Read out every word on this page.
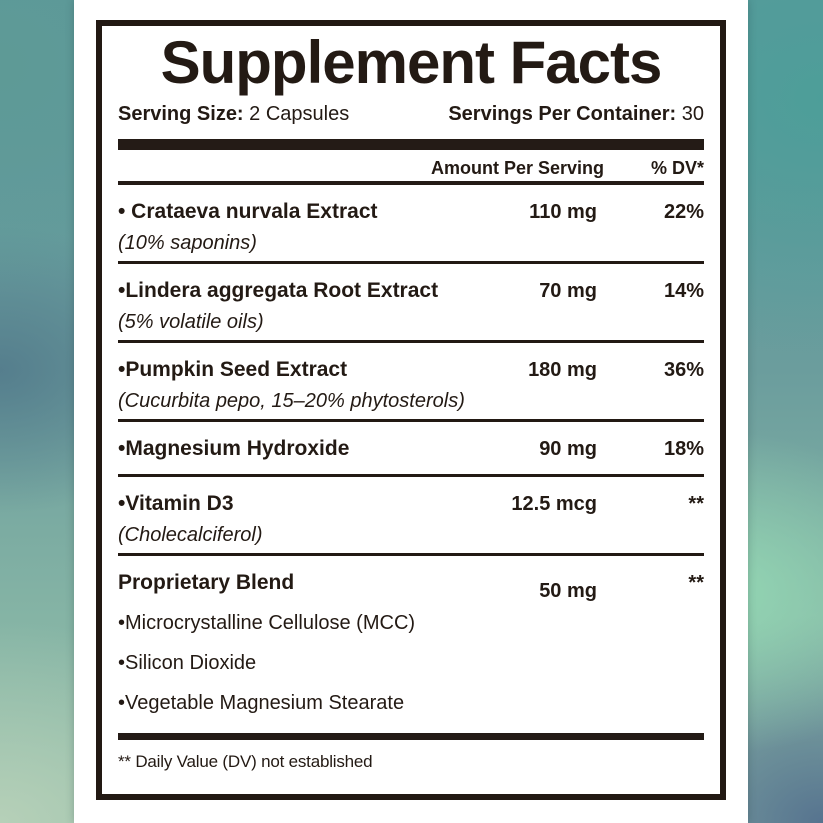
Supplement Facts
Serving Size: 2 Capsules	Servings Per Container: 30
Amount Per Serving	% DV*
• Crataeva nurvala Extract	110 mg	22%
(10% saponins)
•Lindera aggregata Root Extract	70 mg	14%
(5% volatile oils)
•Pumpkin Seed Extract	180 mg	36%
(Cucurbita pepo, 15–20% phytosterols)
•Magnesium Hydroxide	90 mg	18%
•Vitamin D3	12.5 mcg	**
(Cholecalciferol)
Proprietary Blend	50 mg	**
•Microcrystalline Cellulose (MCC)
•Silicon Dioxide
•Vegetable Magnesium Stearate
** Daily Value (DV) not established
